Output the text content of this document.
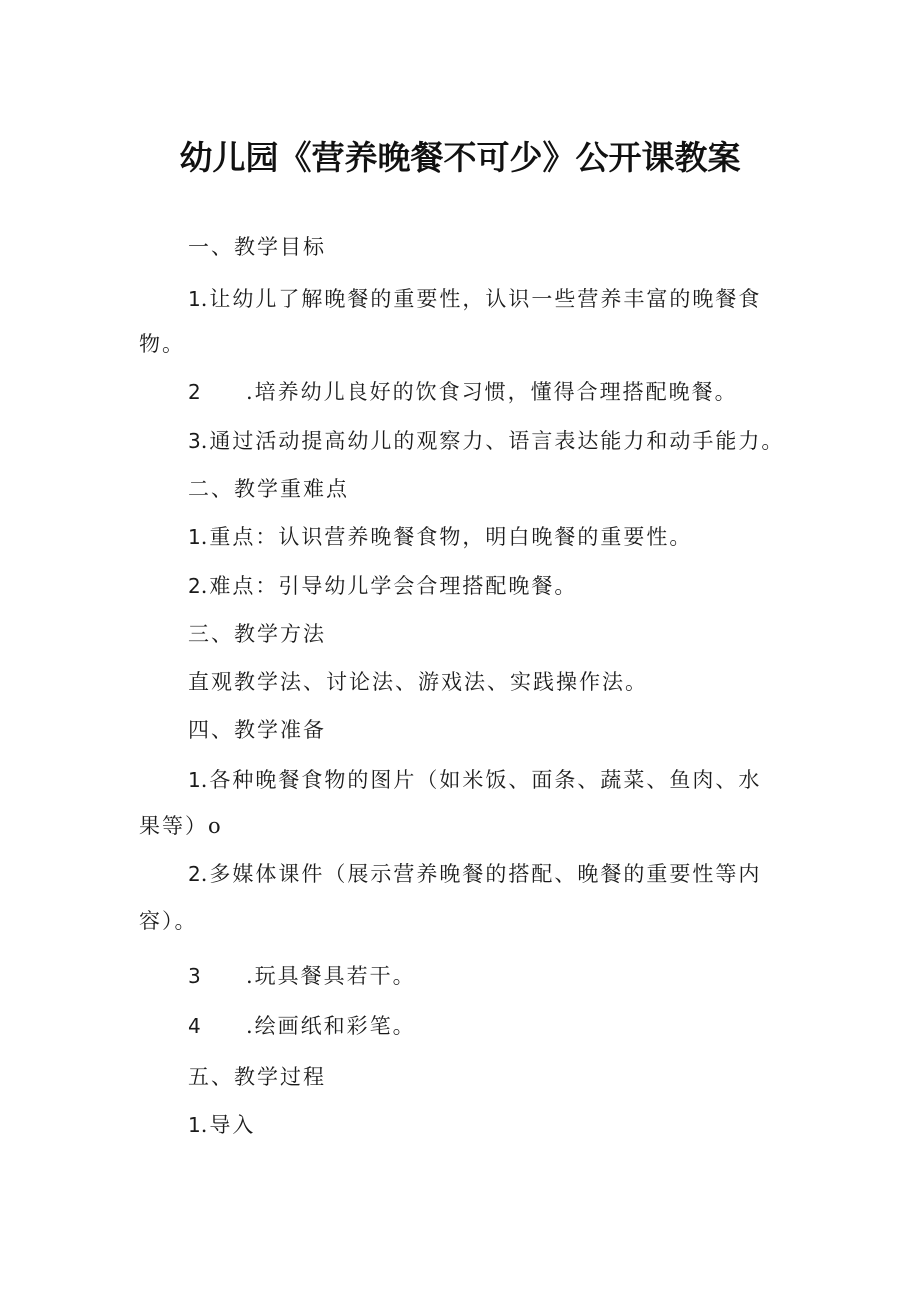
幼儿园《营养晚餐不可少》公开课教案
一、教学目标
1.让幼儿了解晚餐的重要性，认识一些营养丰富的晚餐食
物。
2 .培养幼儿良好的饮食习惯，懂得合理搭配晚餐。
3.通过活动提高幼儿的观察力、语言表达能力和动手能力。
二、教学重难点
1.重点：认识营养晚餐食物，明白晚餐的重要性。
2.难点：引导幼儿学会合理搭配晚餐。
三、教学方法
直观教学法、讨论法、游戏法、实践操作法。
四、教学准备
1.各种晚餐食物的图片（如米饭、面条、蔬菜、鱼肉、水
果等）o
2.多媒体课件（展示营养晚餐的搭配、晚餐的重要性等内
容）。
3 .玩具餐具若干。
4 .绘画纸和彩笔。
五、教学过程
1.导入
